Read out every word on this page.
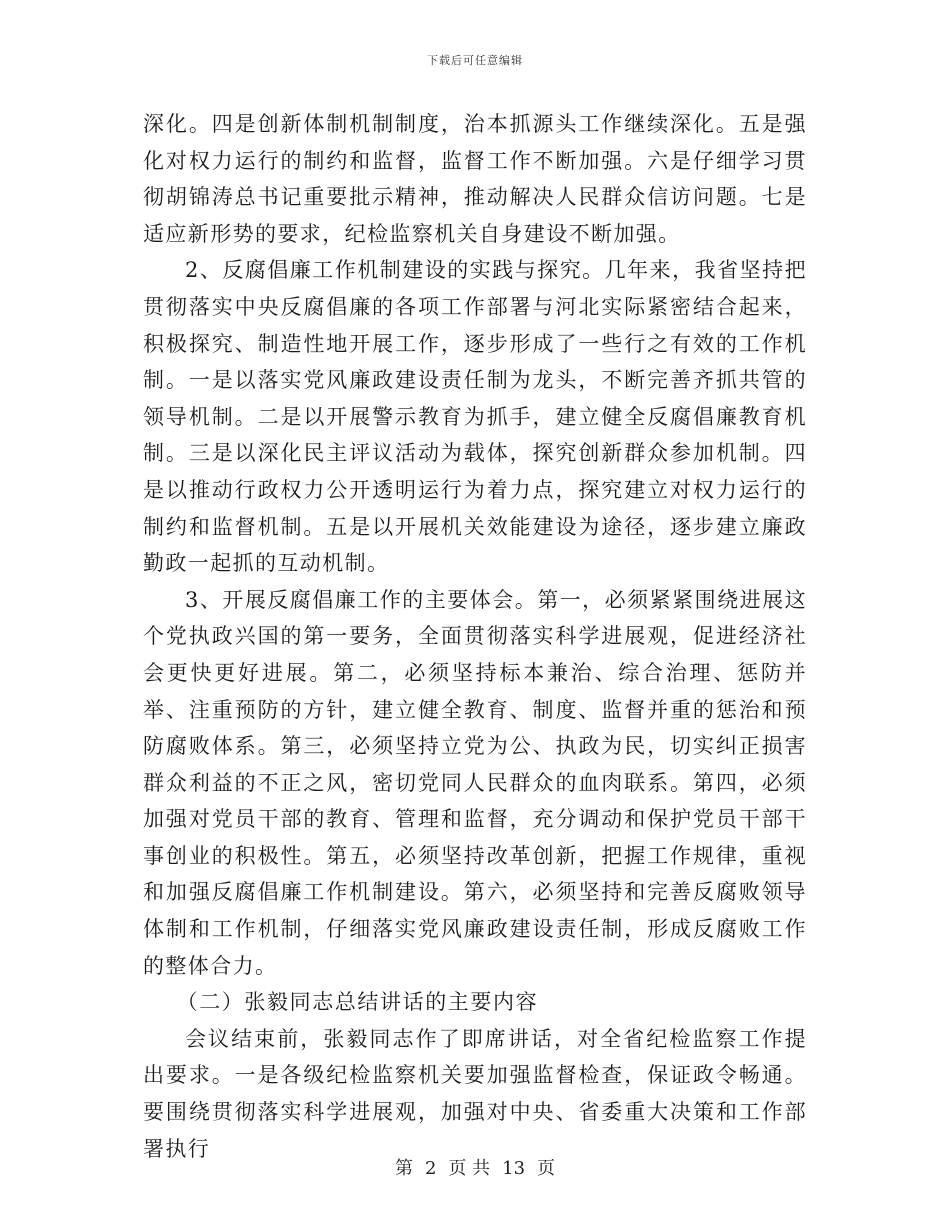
下载后可任意编辑

深化。四是创新体制机制制度，治本抓源头工作继续深化。五是强化对权力运行的制约和监督，监督工作不断加强。六是仔细学习贯彻胡锦涛总书记重要批示精神，推动解决人民群众信访问题。七是适应新形势的要求，纪检监察机关自身建设不断加强。

2、反腐倡廉工作机制建设的实践与探究。几年来，我省坚持把贯彻落实中央反腐倡廉的各项工作部署与河北实际紧密结合起来，积极探究、制造性地开展工作，逐步形成了一些行之有效的工作机制。一是以落实党风廉政建设责任制为龙头，不断完善齐抓共管的领导机制。二是以开展警示教育为抓手，建立健全反腐倡廉教育机制。三是以深化民主评议活动为载体，探究创新群众参加机制。四是以推动行政权力公开透明运行为着力点，探究建立对权力运行的制约和监督机制。五是以开展机关效能建设为途径，逐步建立廉政勤政一起抓的互动机制。

3、开展反腐倡廉工作的主要体会。第一，必须紧紧围绕进展这个党执政兴国的第一要务，全面贯彻落实科学进展观，促进经济社会更快更好进展。第二，必须坚持标本兼治、综合治理、惩防并举、注重预防的方针，建立健全教育、制度、监督并重的惩治和预防腐败体系。第三，必须坚持立党为公、执政为民，切实纠正损害群众利益的不正之风，密切党同人民群众的血肉联系。第四，必须加强对党员干部的教育、管理和监督，充分调动和保护党员干部干事创业的积极性。第五，必须坚持改革创新，把握工作规律，重视和加强反腐倡廉工作机制建设。第六，必须坚持和完善反腐败领导体制和工作机制，仔细落实党风廉政建设责任制，形成反腐败工作的整体合力。

（二）张毅同志总结讲话的主要内容

会议结束前，张毅同志作了即席讲话，对全省纪检监察工作提出要求。一是各级纪检监察机关要加强监督检查，保证政令畅通。要围绕贯彻落实科学进展观，加强对中央、省委重大决策和工作部署执行

第 2 页 共 13 页
